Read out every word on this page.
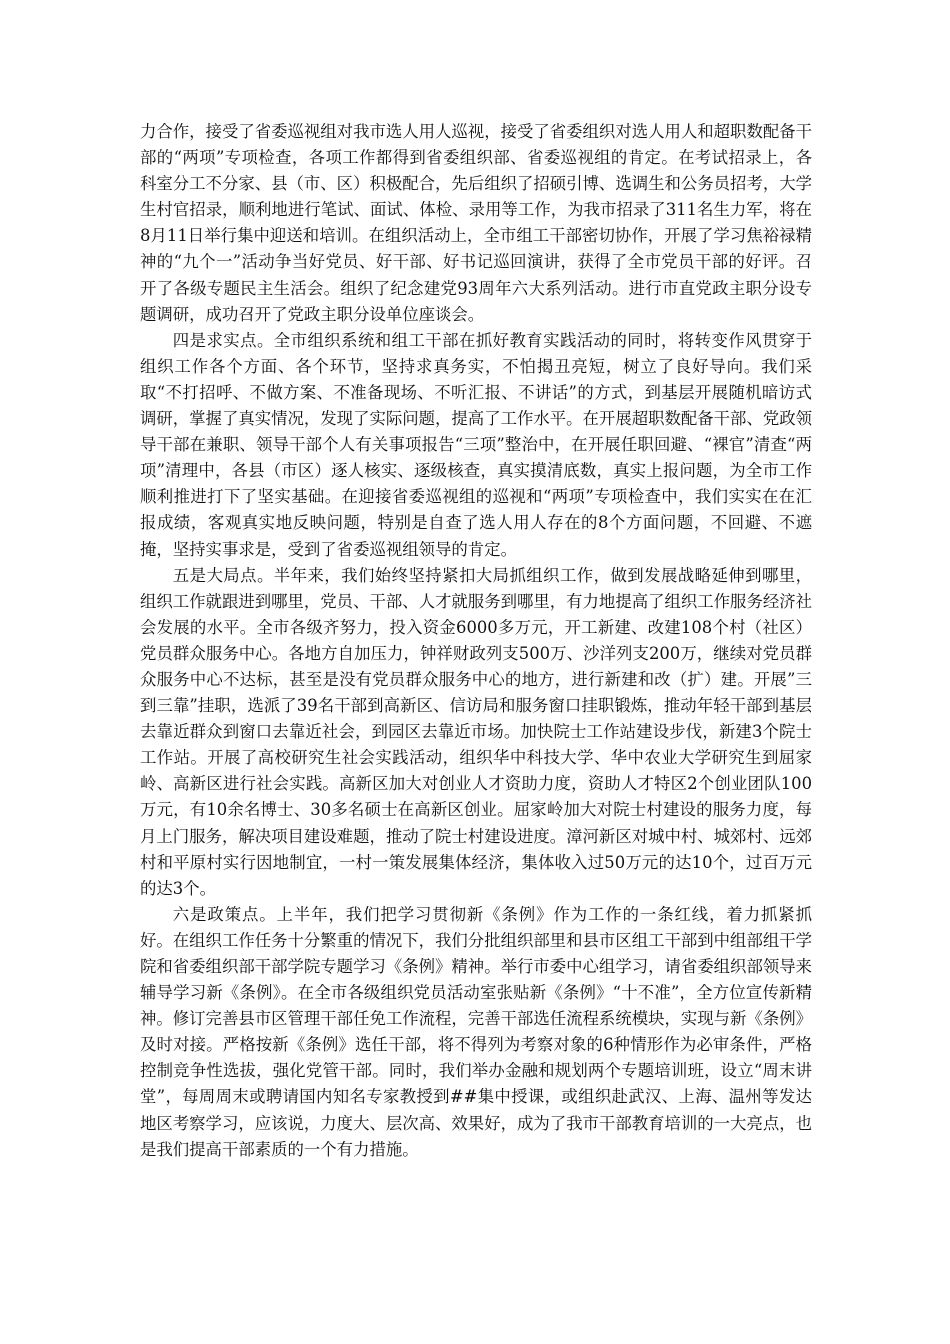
力合作，接受了省委巡视组对我市选人用人巡视，接受了省委组织对选人用人和超职数配备干部的“两项”专项检查，各项工作都得到省委组织部、省委巡视组的肯定。在考试招录上，各科室分工不分家、县（市、区）积极配合，先后组织了招硕引博、选调生和公务员招考，大学生村官招录，顺利地进行笔试、面试、体检、录用等工作，为我市招录了311名生力军，将在8月11日举行集中迎送和培训。在组织活动上，全市组工干部密切协作，开展了学习焦裕禄精神的“九个一”活动争当好党员、好干部、好书记巡回演讲，获得了全市党员干部的好评。召开了各级专题民主生活会。组织了纪念建党93周年六大系列活动。进行市直党政主职分设专题调研，成功召开了党政主职分设单位座谈会。

四是求实点。全市组织系统和组工干部在抓好教育实践活动的同时，将转变作风贯穿于组织工作各个方面、各个环节，坚持求真务实，不怕揭丑亮短，树立了良好导向。我们采取“不打招呼、不做方案、不准备现场、不听汇报、不讲话”的方式，到基层开展随机暗访式调研，掌握了真实情况，发现了实际问题，提高了工作水平。在开展超职数配备干部、党政领导干部在兼职、领导干部个人有关事项报告“三项”整治中，在开展任职回避、“裸官”清查“两项”清理中，各县（市区）逐人核实、逐级核查，真实摸清底数，真实上报问题，为全市工作顺利推进打下了坚实基础。在迎接省委巡视组的巡视和“两项”专项检查中，我们实实在在汇报成绩，客观真实地反映问题，特别是自查了选人用人存在的8个方面问题，不回避、不遮掩，坚持实事求是，受到了省委巡视组领导的肯定。

五是大局点。半年来，我们始终坚持紧扣大局抓组织工作，做到发展战略延伸到哪里，组织工作就跟进到哪里，党员、干部、人才就服务到哪里，有力地提高了组织工作服务经济社会发展的水平。全市各级齐努力，投入资金6000多万元，开工新建、改建108个村（社区）党员群众服务中心。各地方自加压力，钟祥财政列支500万、沙洋列支200万，继续对党员群众服务中心不达标，甚至是没有党员群众服务中心的地方，进行新建和改（扩）建。开展”三到三靠”挂职，选派了39名干部到高新区、信访局和服务窗口挂职锻炼，推动年轻干部到基层去靠近群众到窗口去靠近社会，到园区去靠近市场。加快院士工作站建设步伐，新建3个院士工作站。开展了高校研究生社会实践活动，组织华中科技大学、华中农业大学研究生到屈家岭、高新区进行社会实践。高新区加大对创业人才资助力度，资助人才特区2个创业团队100万元，有10余名博士、30多名硕士在高新区创业。屈家岭加大对院士村建设的服务力度，每月上门服务，解决项目建设难题，推动了院士村建设进度。漳河新区对城中村、城郊村、远郊村和平原村实行因地制宜，一村一策发展集体经济，集体收入过50万元的达10个，过百万元的达3个。

六是政策点。上半年，我们把学习贯彻新《条例》作为工作的一条红线，着力抓紧抓好。在组织工作任务十分繁重的情况下，我们分批组织部里和县市区组工干部到中组部组干学院和省委组织部干部学院专题学习《条例》精神。举行市委中心组学习，请省委组织部领导来辅导学习新《条例》。在全市各级组织党员活动室张贴新《条例》“十不准”，全方位宣传新精神。修订完善县市区管理干部任免工作流程，完善干部选任流程系统模块，实现与新《条例》及时对接。严格按新《条例》选任干部，将不得列为考察对象的6种情形作为必审条件，严格控制竞争性选拔，强化党管干部。同时，我们举办金融和规划两个专题培训班，设立“周末讲堂”，每周周末或聘请国内知名专家教授到##集中授课，或组织赴武汉、上海、温州等发达地区考察学习，应该说，力度大、层次高、效果好，成为了我市干部教育培训的一大亮点，也是我们提高干部素质的一个有力措施。
